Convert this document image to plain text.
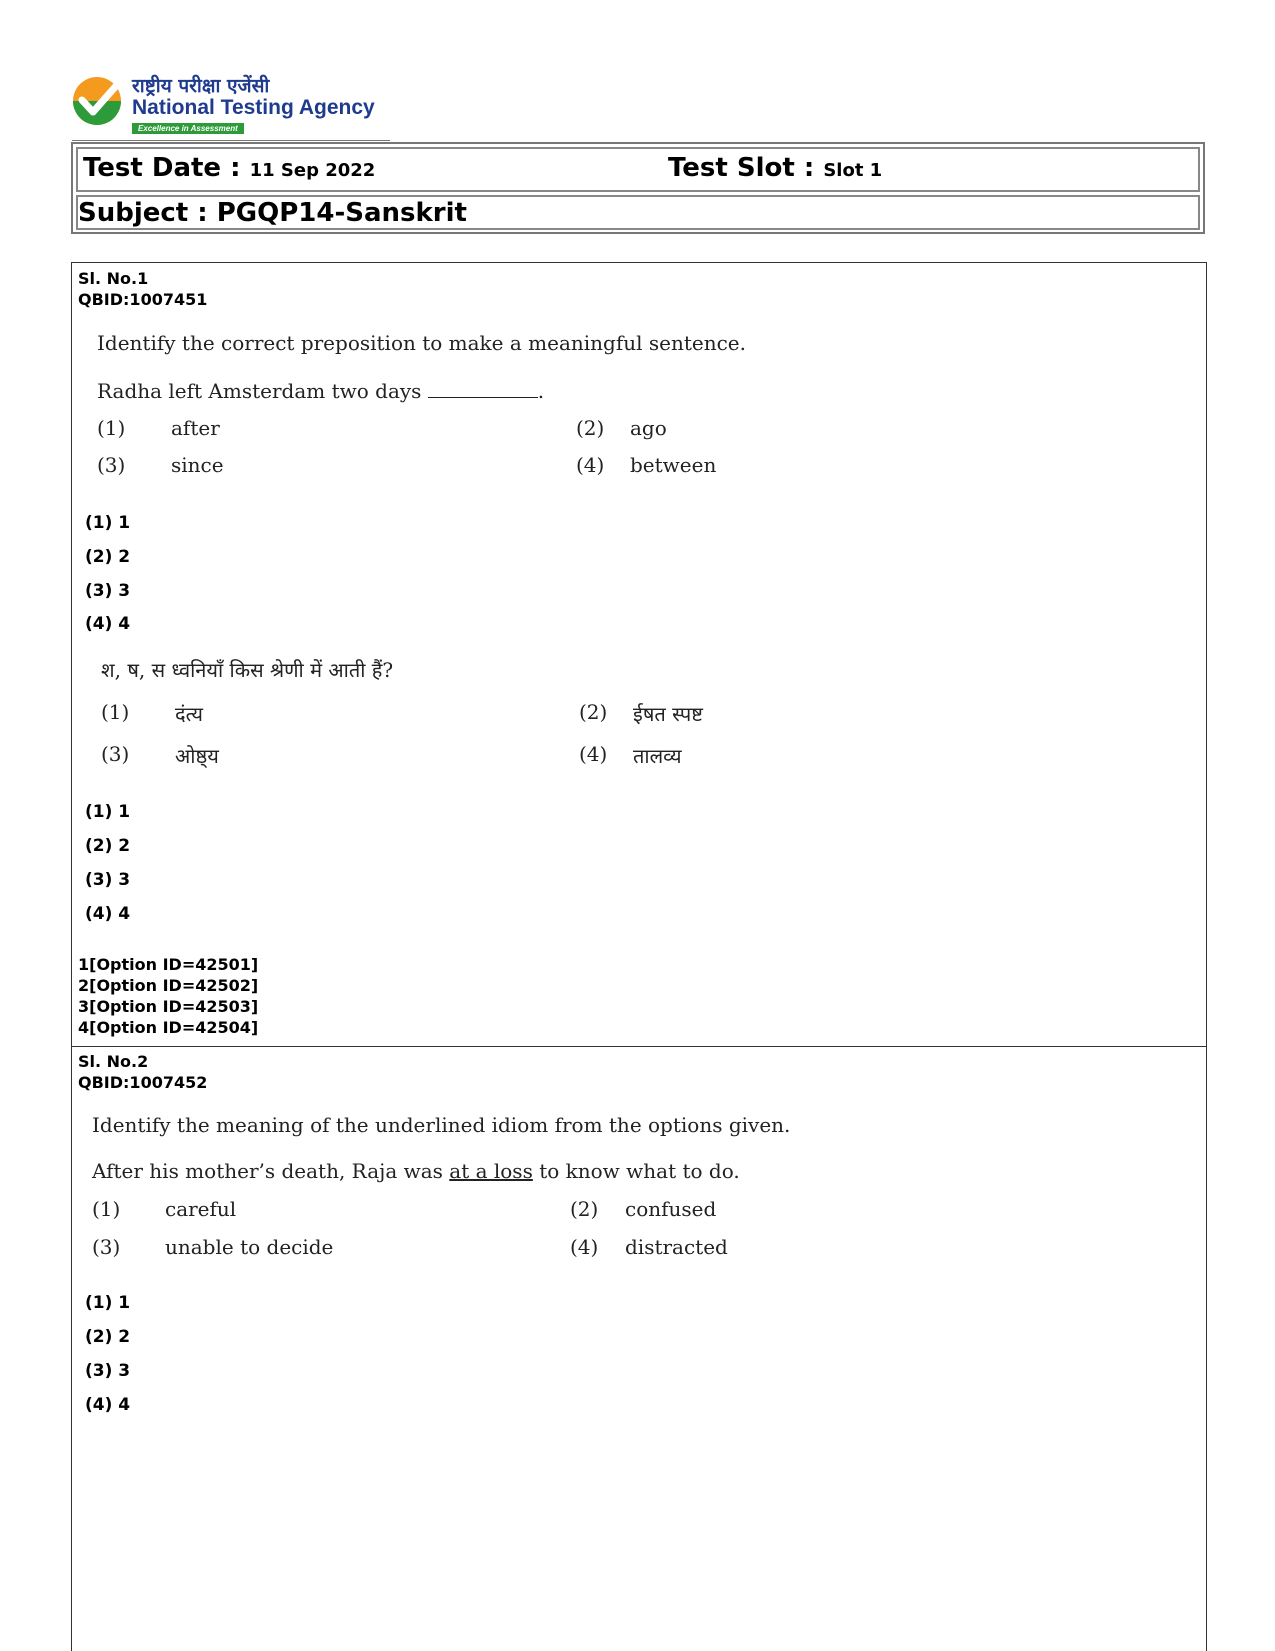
राष्ट्रीय परीक्षा एजेंसी
National Testing Agency
Excellence in Assessment
Test Date : 11 Sep 2022	Test Slot : Slot 1
Subject : PGQP14-Sanskrit
Sl. No.1
QBID:1007451
Identify the correct preposition to make a meaningful sentence.
Radha left Amsterdam two days	.
(1) after	(2) ago
(3) since	(4) between
(1) 1
(2) 2
(3) 3
(4) 4
श, ष, स ध्वनियाँ किस श्रेणी में आती हैं?
(1) दंत्य	(2) ईषत स्पष्ट
(3) ओष्ठ्य	(4) तालव्य
(1) 1
(2) 2
(3) 3
(4) 4
1[Option ID=42501]
2[Option ID=42502]
3[Option ID=42503]
4[Option ID=42504]
Sl. No.2
QBID:1007452
Identify the meaning of the underlined idiom from the options given.
After his mother’s death, Raja was at a loss to know what to do.
(1) careful	(2) confused
(3) unable to decide	(4) distracted
(1) 1
(2) 2
(3) 3
(4) 4
